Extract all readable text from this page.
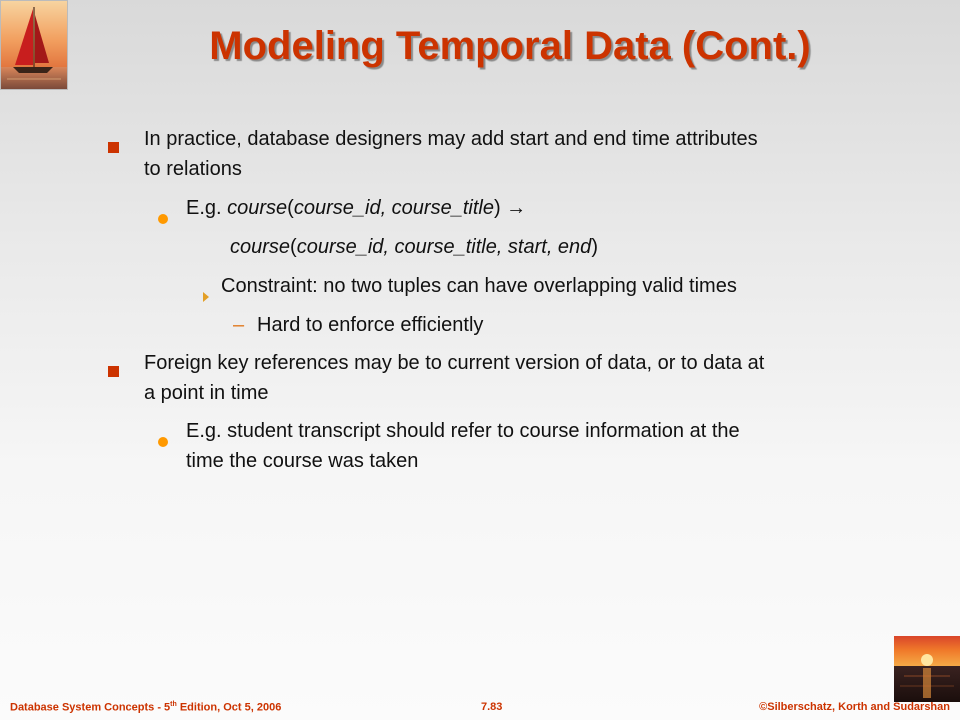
Modeling Temporal Data (Cont.)
In practice, database designers may add start and end time attributes
to relations
E.g. course(course_id, course_title) →
course(course_id, course_title, start, end)
Constraint: no two tuples can have overlapping valid times
– Hard to enforce efficiently
Foreign key references may be to current version of data, or to data at
a point in time
E.g. student transcript should refer to course information at the
time the course was taken
Database System Concepts - 5th Edition, Oct 5, 2006	7.83	©Silberschatz, Korth and Sudarshan
